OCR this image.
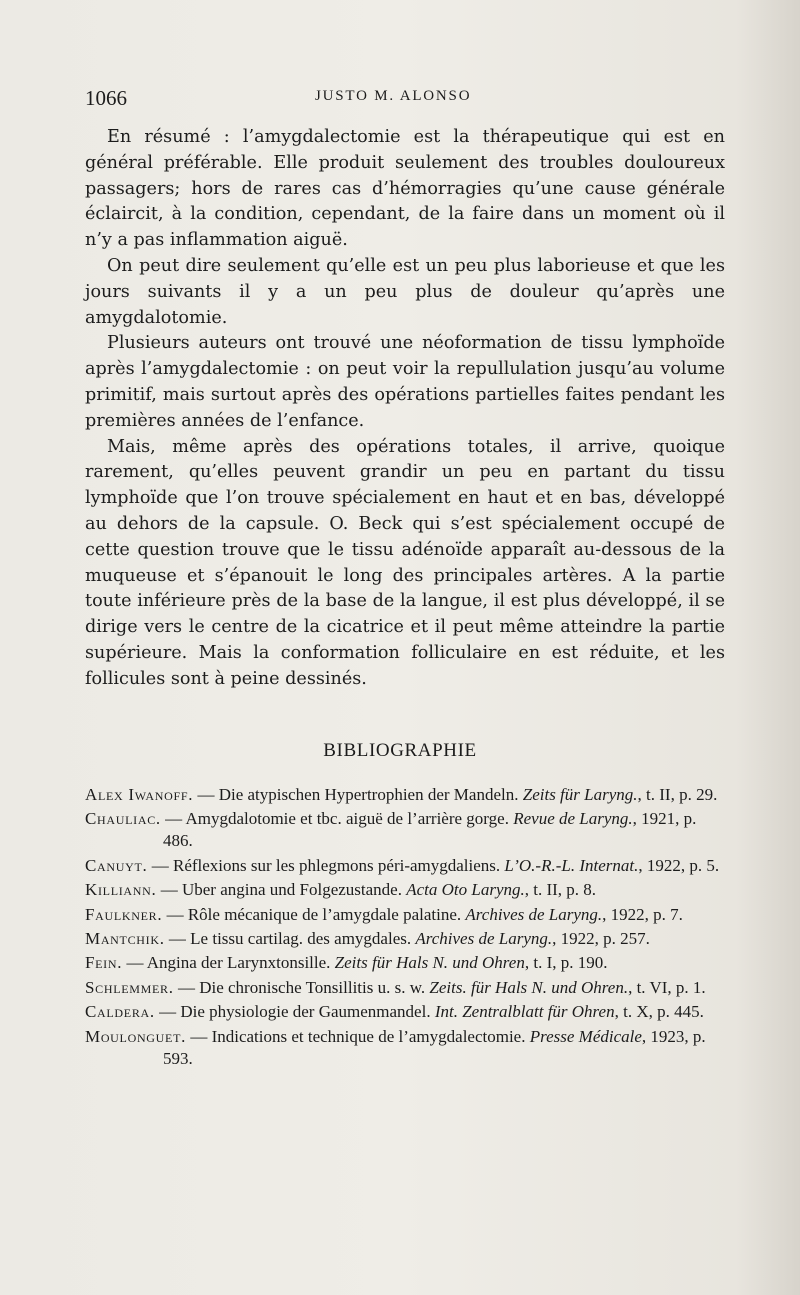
1066	JUSTO M. ALONSO

En résumé : l’amygdalectomie est la thérapeutique qui est en général préférable. Elle produit seulement des troubles douloureux passagers; hors de rares cas d’hémorragies qu’une cause générale éclaircit, à la condition, cependant, de la faire dans un moment où il n’y a pas inflammation aiguë.

On peut dire seulement qu’elle est un peu plus laborieuse et que les jours suivants il y a un peu plus de douleur qu’après une amygdalotomie.

Plusieurs auteurs ont trouvé une néoformation de tissu lymphoïde après l’amygdalectomie : on peut voir la repullulation jusqu’au volume primitif, mais surtout après des opérations partielles faites pendant les premières années de l’enfance.

Mais, même après des opérations totales, il arrive, quoique rarement, qu’elles peuvent grandir un peu en partant du tissu lymphoïde que l’on trouve spécialement en haut et en bas, développé au dehors de la capsule. O. Beck qui s’est spécialement occupé de cette question trouve que le tissu adénoïde apparaît au-dessous de la muqueuse et s’épanouit le long des principales artères. A la partie toute inférieure près de la base de la langue, il est plus développé, il se dirige vers le centre de la cicatrice et il peut même atteindre la partie supérieure. Mais la conformation folliculaire en est réduite, et les follicules sont à peine dessinés.

BIBLIOGRAPHIE

Alex Iwanoff. — Die atypischen Hypertrophien der Mandeln. Zeits für Laryng., t. II, p. 29.

Chauliac. — Amygdalotomie et tbc. aiguë de l’arrière gorge. Revue de Laryng., 1921, p. 486.

Canuyt. — Réflexions sur les phlegmons péri-amygdaliens. L’O.-R.-L. Internat., 1922, p. 5.

Killiann. — Uber angina und Folgezustande. Acta Oto Laryng., t. II, p. 8.

Faulkner. — Rôle mécanique de l’amygdale palatine. Archives de Laryng., 1922, p. 7.

Mantchik. — Le tissu cartilag. des amygdales. Archives de Laryng., 1922, p. 257.

Fein. — Angina der Larynxtonsille. Zeits für Hals N. und Ohren, t. I, p. 190.

Schlemmer. — Die chronische Tonsillitis u. s. w. Zeits. für Hals N. und Ohren., t. VI, p. 1.

Caldera. — Die physiologie der Gaumenmandel. Int. Zentralblatt für Ohren, t. X, p. 445.

Moulonguet. — Indications et technique de l’amygdalectomie. Presse Médicale, 1923, p. 593.
